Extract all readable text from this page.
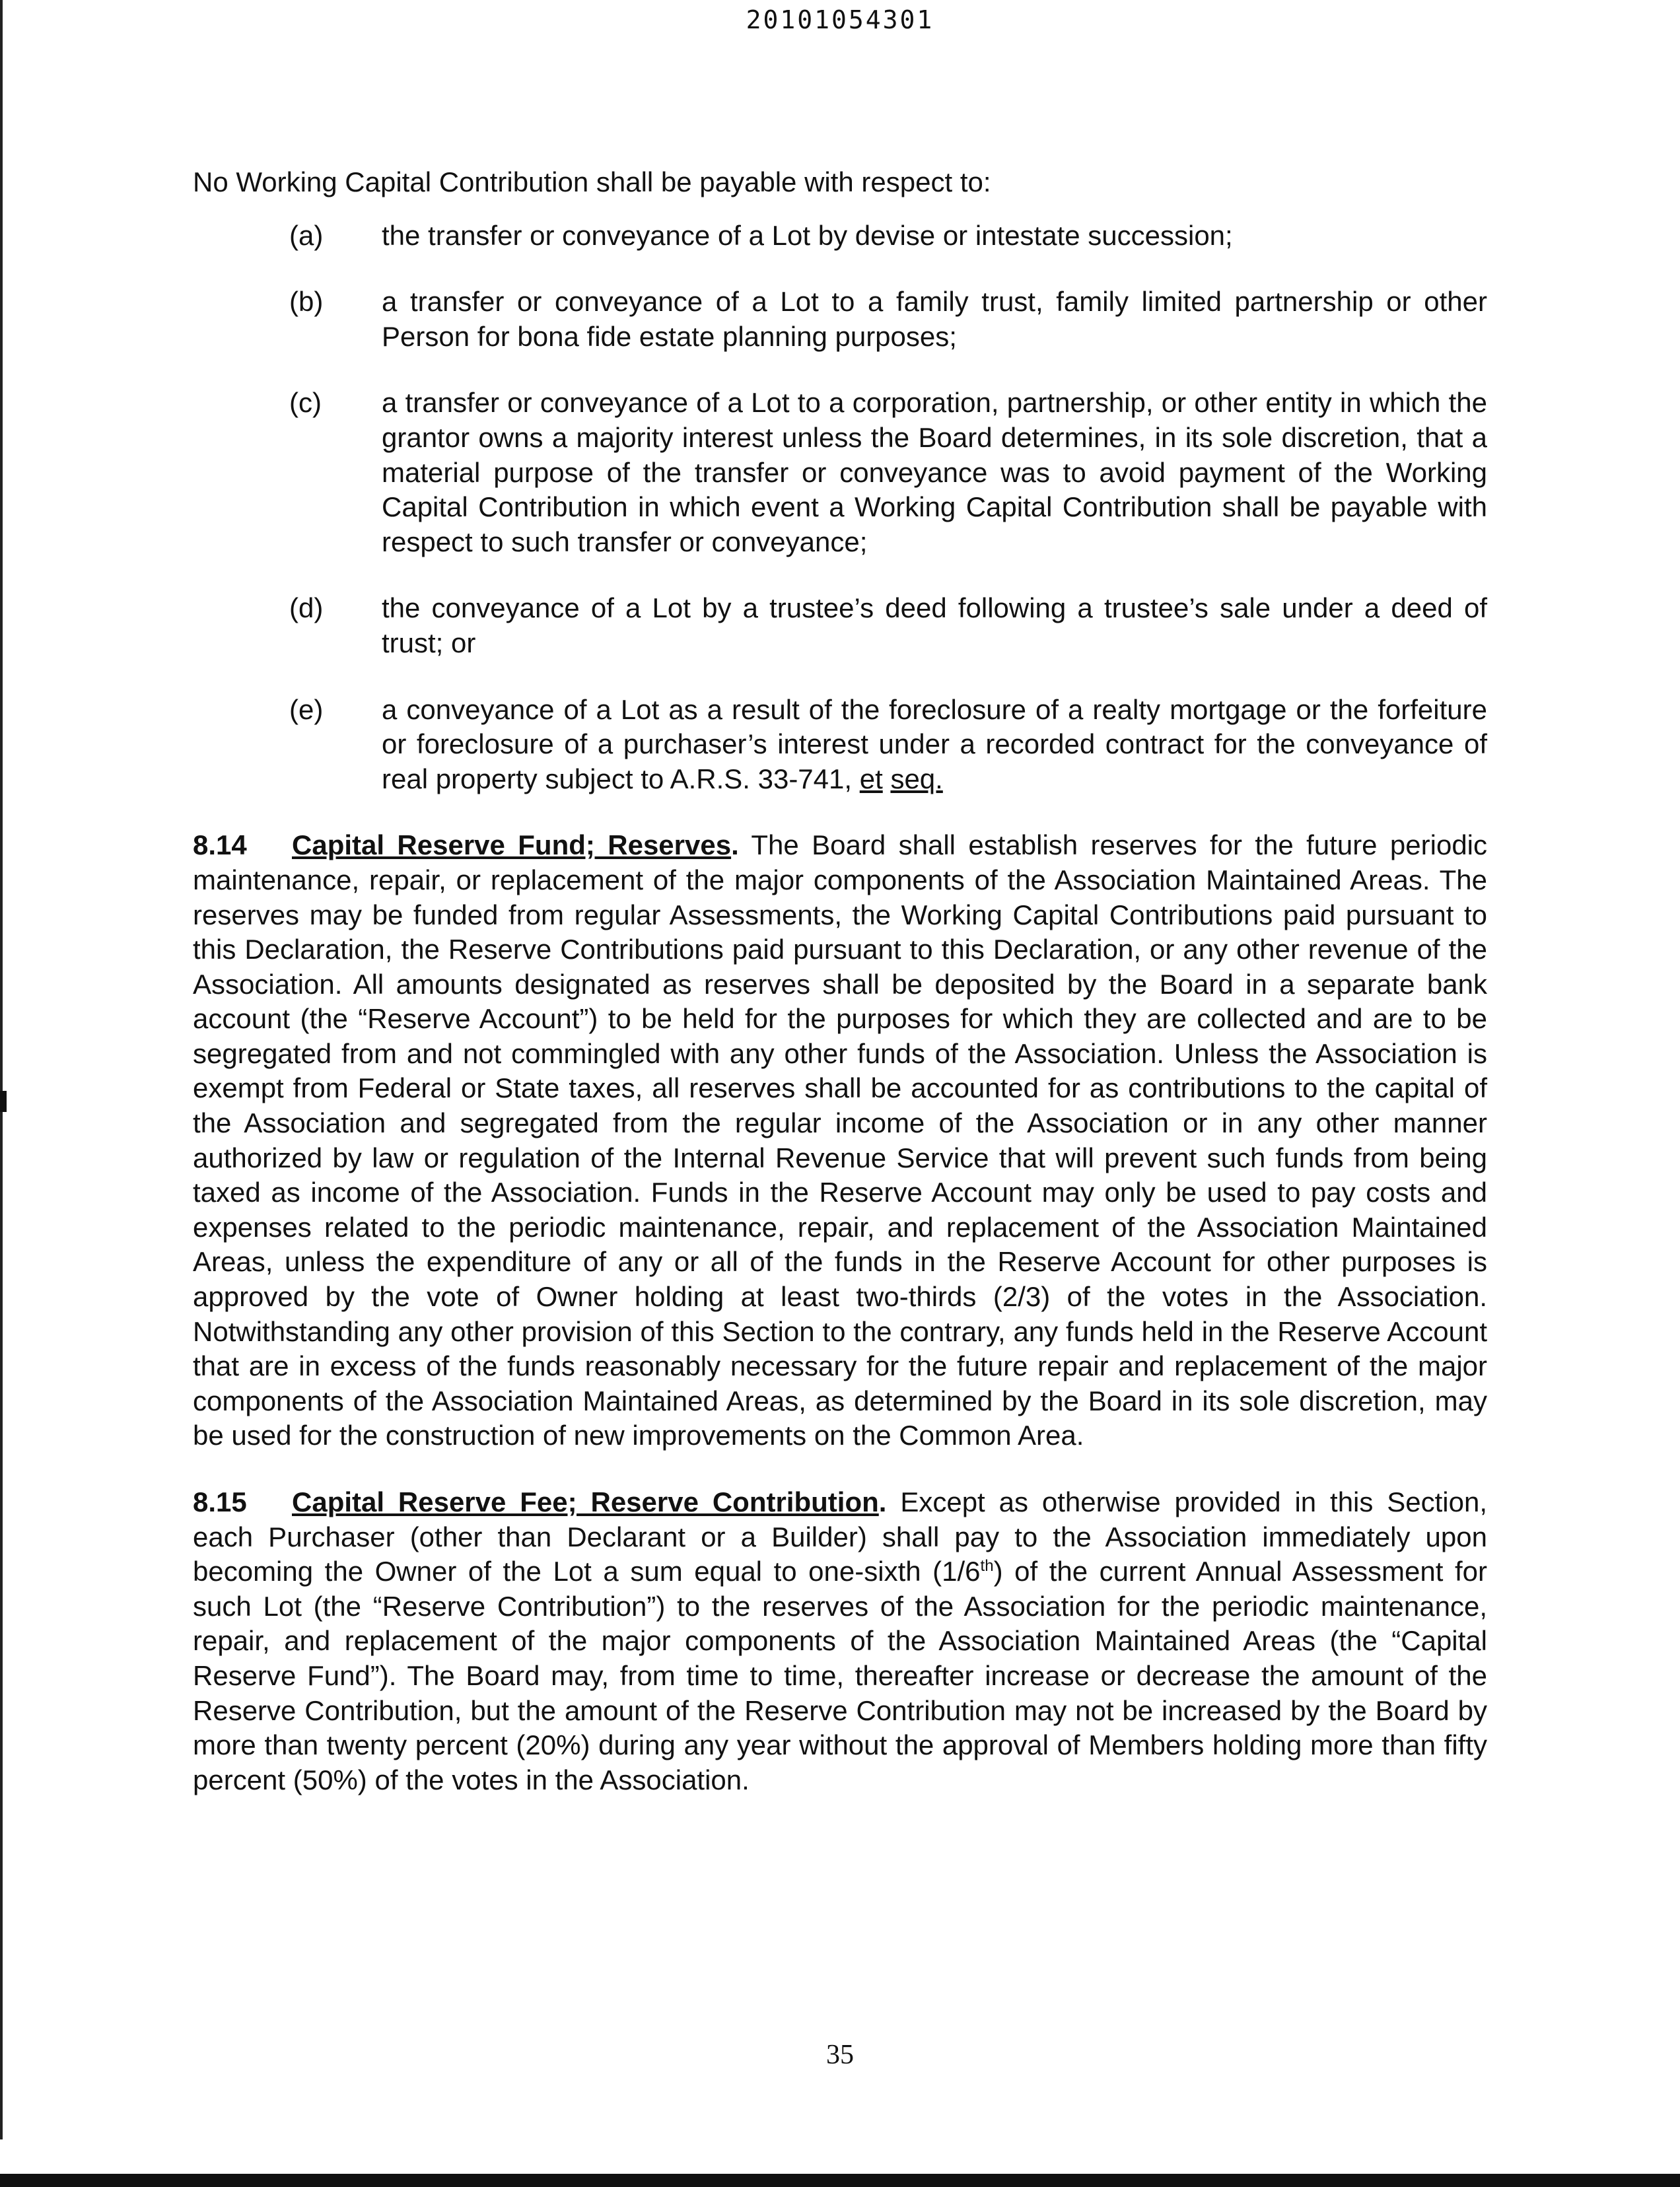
20101054301

No Working Capital Contribution shall be payable with respect to:

(a)	the transfer or conveyance of a Lot by devise or intestate succession;
(b)	a transfer or conveyance of a Lot to a family trust, family limited partnership or other Person for bona fide estate planning purposes;
(c)	a transfer or conveyance of a Lot to a corporation, partnership, or other entity in which the grantor owns a majority interest unless the Board determines, in its sole discretion, that a material purpose of the transfer or conveyance was to avoid payment of the Working Capital Contribution in which event a Working Capital Contribution shall be payable with respect to such transfer or conveyance;
(d)	the conveyance of a Lot by a trustee’s deed following a trustee’s sale under a deed of trust; or
(e)	a conveyance of a Lot as a result of the foreclosure of a realty mortgage or the forfeiture or foreclosure of a purchaser’s interest under a recorded contract for the conveyance of real property subject to A.R.S. 33-741, et seq.

8.14 Capital Reserve Fund; Reserves. The Board shall establish reserves for the future periodic maintenance, repair, or replacement of the major components of the Association Maintained Areas. The reserves may be funded from regular Assessments, the Working Capital Contributions paid pursuant to this Declaration, the Reserve Contributions paid pursuant to this Declaration, or any other revenue of the Association. All amounts designated as reserves shall be deposited by the Board in a separate bank account (the “Reserve Account”) to be held for the purposes for which they are collected and are to be segregated from and not commingled with any other funds of the Association. Unless the Association is exempt from Federal or State taxes, all reserves shall be accounted for as contributions to the capital of the Association and segregated from the regular income of the Association or in any other manner authorized by law or regulation of the Internal Revenue Service that will prevent such funds from being taxed as income of the Association. Funds in the Reserve Account may only be used to pay costs and expenses related to the periodic maintenance, repair, and replacement of the Association Maintained Areas, unless the expenditure of any or all of the funds in the Reserve Account for other purposes is approved by the vote of Owner holding at least two-thirds (2/3) of the votes in the Association. Notwithstanding any other provision of this Section to the contrary, any funds held in the Reserve Account that are in excess of the funds reasonably necessary for the future repair and replacement of the major components of the Association Maintained Areas, as determined by the Board in its sole discretion, may be used for the construction of new improvements on the Common Area.

8.15 Capital Reserve Fee; Reserve Contribution. Except as otherwise provided in this Section, each Purchaser (other than Declarant or a Builder) shall pay to the Association immediately upon becoming the Owner of the Lot a sum equal to one-sixth (1/6th) of the current Annual Assessment for such Lot (the “Reserve Contribution”) to the reserves of the Association for the periodic maintenance, repair, and replacement of the major components of the Association Maintained Areas (the “Capital Reserve Fund”). The Board may, from time to time, thereafter increase or decrease the amount of the Reserve Contribution, but the amount of the Reserve Contribution may not be increased by the Board by more than twenty percent (20%) during any year without the approval of Members holding more than fifty percent (50%) of the votes in the Association.

35
